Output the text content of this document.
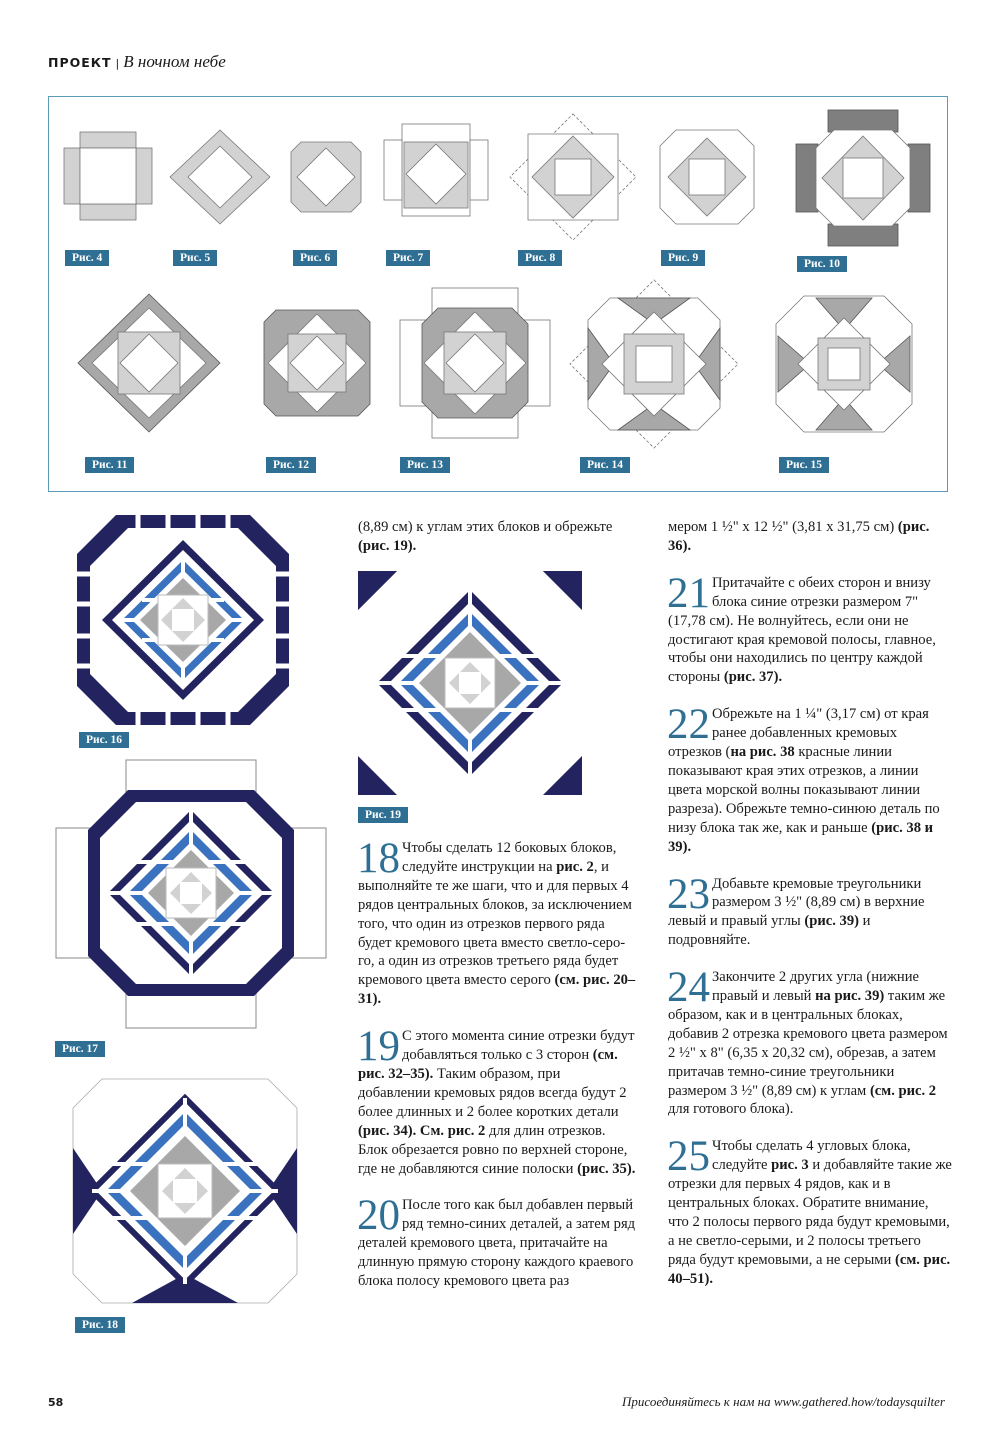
ПРОЕКТ | В ночном небе
Рис. 4	Рис. 5	Рис. 6	Рис. 7	Рис. 8	Рис. 9	Рис. 10
Рис. 11	Рис. 12	Рис. 13	Рис. 14	Рис. 15
Рис. 16
Рис. 17
Рис. 18
Рис. 19

(8,89 см) к углам этих блоков и обрежьте (рис. 19).

18 Чтобы сделать 12 боковых блоков, следуйте инструкции на рис. 2, и выполняйте те же шаги, что и для первых 4 рядов центральных блоков, за исключением того, что один из отрезков первого ряда будет кремового цвета вместо светло-серого, а один из отрезков третьего ряда будет кремового цвета вместо серого (см. рис. 20–31).

19 С этого момента синие отрезки будут добавляться только с 3 сторон (см. рис. 32–35). Таким образом, при добавлении кремовых рядов всегда будут 2 более длинных и 2 более коротких детали (рис. 34). См. рис. 2 для длин отрезков. Блок обрезается ровно по верхней стороне, где не добавляются синие полоски (рис. 35).

20 После того как был добавлен первый ряд темно-синих деталей, а затем ряд деталей кремового цвета, притачайте на длинную прямую сторону каждого краевого блока полосу кремового цвета раз

мером 1 ½" х 12 ½" (3,81 х 31,75 см) (рис. 36).

21 Притачайте с обеих сторон и внизу блока синие отрезки размером 7" (17,78 см). Не волнуйтесь, если они не достигают края кремовой полосы, главное, чтобы они находились по центру каждой стороны (рис. 37).

22 Обрежьте на 1 ¼" (3,17 см) от края ранее добавленных кремовых отрезков (на рис. 38 красные линии показывают края этих отрезков, а линии цвета морской волны показывают линии разреза). Обрежьте темно-синюю деталь по низу блока так же, как и раньше (рис. 38 и 39).

23 Добавьте кремовые треугольники размером 3 ½" (8,89 см) в верхние левый и правый углы (рис. 39) и подровняйте.

24 Закончите 2 других угла (нижние правый и левый на рис. 39) таким же образом, как и в центральных блоках, добавив 2 отрезка кремового цвета размером 2 ½" х 8" (6,35 х 20,32 см), обрезав, а затем притачав темно-синие треугольники размером 3 ½" (8,89 см) к углам (см. рис. 2 для готового блока).

25 Чтобы сделать 4 угловых блока, следуйте рис. 3 и добавляйте такие же отрезки для первых 4 рядов, как и в центральных блоках. Обратите внимание, что 2 полосы первого ряда будут кремовыми, а не светло-серыми, и 2 полосы третьего ряда будут кремовыми, а не серыми (см. рис. 40–51).

58	Присоединяйтесь к нам на www.gathered.how/todaysquilter
